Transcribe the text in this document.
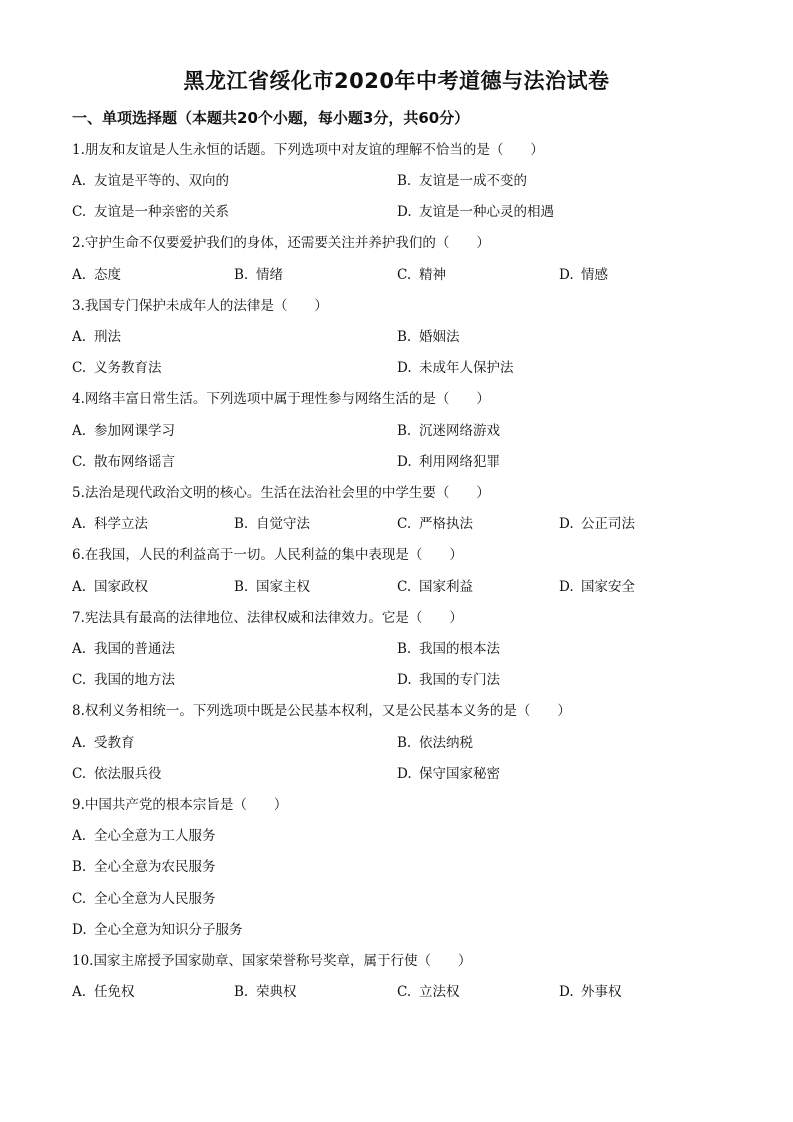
黑龙江省绥化市2020年中考道德与法治试卷
一、单项选择题（本题共20个小题，每小题3分，共60分）
1.朋友和友谊是人生永恒的话题。下列选项中对友谊的理解不恰当的是（　　）
A. 友谊是平等的、双向的	B. 友谊是一成不变的
C. 友谊是一种亲密的关系	D. 友谊是一种心灵的相遇
2.守护生命不仅要爱护我们的身体，还需要关注并养护我们的（　　）
A. 态度	B. 情绪	C. 精神	D. 情感
3.我国专门保护未成年人的法律是（　　）
A. 刑法	B. 婚姻法
C. 义务教育法	D. 未成年人保护法
4.网络丰富日常生活。下列选项中属于理性参与网络生活的是（　　）
A. 参加网课学习	B. 沉迷网络游戏
C. 散布网络谣言	D. 利用网络犯罪
5.法治是现代政治文明的核心。生活在法治社会里的中学生要（　　）
A. 科学立法	B. 自觉守法	C. 严格执法	D. 公正司法
6.在我国，人民的利益高于一切。人民利益的集中表现是（　　）
A. 国家政权	B. 国家主权	C. 国家利益	D. 国家安全
7.宪法具有最高的法律地位、法律权威和法律效力。它是（　　）
A. 我国的普通法	B. 我国的根本法
C. 我国的地方法	D. 我国的专门法
8.权利义务相统一。下列选项中既是公民基本权利，又是公民基本义务的是（　　）
A. 受教育	B. 依法纳税
C. 依法服兵役	D. 保守国家秘密
9.中国共产党的根本宗旨是（　　）
A. 全心全意为工人服务
B. 全心全意为农民服务
C. 全心全意为人民服务
D. 全心全意为知识分子服务
10.国家主席授予国家勋章、国家荣誉称号奖章，属于行使（　　）
A. 任免权	B. 荣典权	C. 立法权	D. 外事权
